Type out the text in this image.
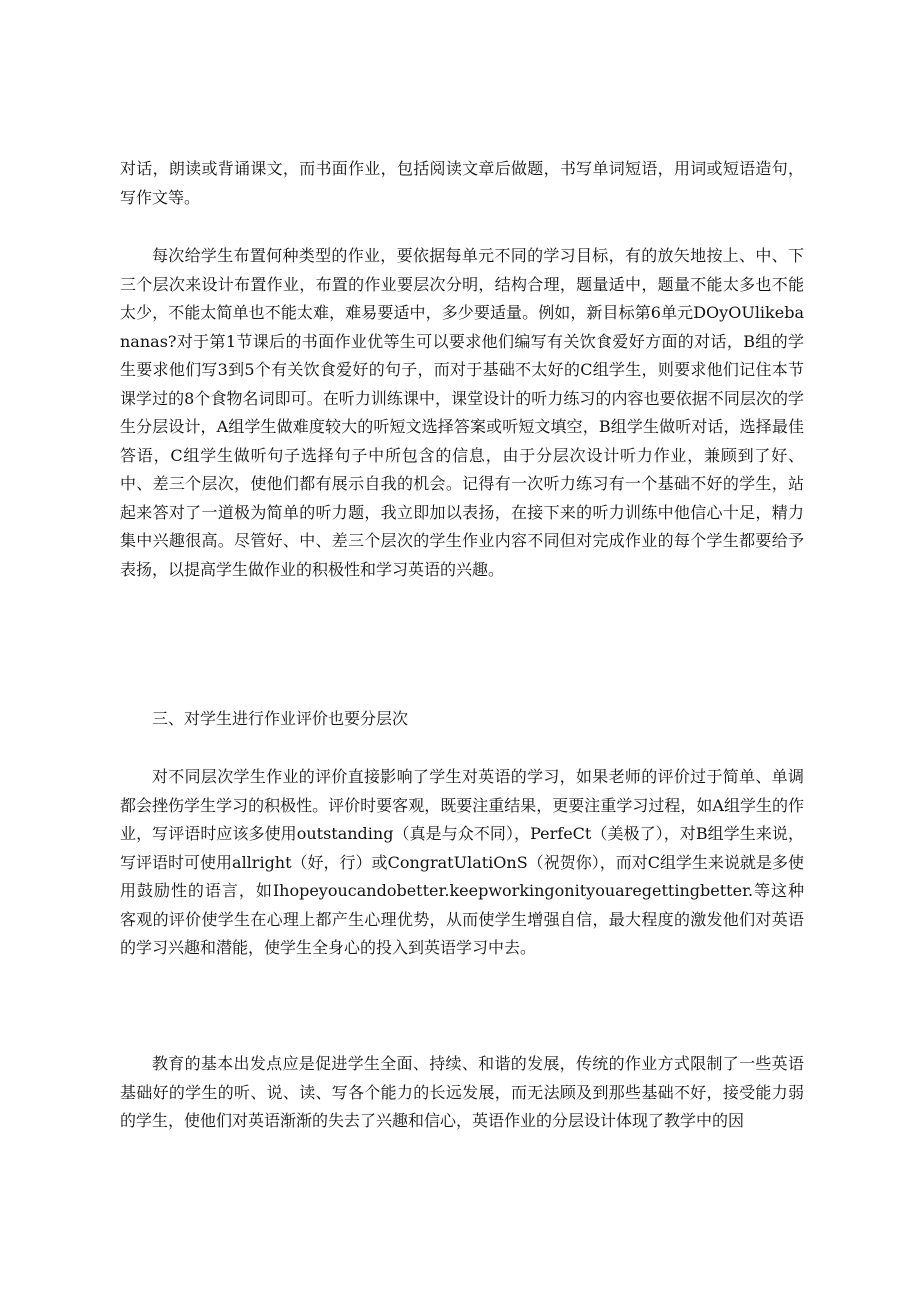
对话，朗读或背诵课文，而书面作业，包括阅读文章后做题，书写单词短语，用词或短语造句，写作文等。

每次给学生布置何种类型的作业，要依据每单元不同的学习目标，有的放矢地按上、中、下三个层次来设计布置作业，布置的作业要层次分明，结构合理，题量适中，题量不能太多也不能太少，不能太简单也不能太难，难易要适中，多少要适量。例如，新目标第6单元DOyOUlikebananas?对于第1节课后的书面作业优等生可以要求他们编写有关饮食爱好方面的对话，B组的学生要求他们写3到5个有关饮食爱好的句子，而对于基础不太好的C组学生，则要求他们记住本节课学过的8个食物名词即可。在听力训练课中，课堂设计的听力练习的内容也要依据不同层次的学生分层设计，A组学生做难度较大的听短文选择答案或听短文填空，B组学生做听对话，选择最佳答语，C组学生做听句子选择句子中所包含的信息，由于分层次设计听力作业，兼顾到了好、中、差三个层次，使他们都有展示自我的机会。记得有一次听力练习有一个基础不好的学生，站起来答对了一道极为简单的听力题，我立即加以表扬，在接下来的听力训练中他信心十足，精力集中兴趣很高。尽管好、中、差三个层次的学生作业内容不同但对完成作业的每个学生都要给予表扬，以提高学生做作业的积极性和学习英语的兴趣。

三、对学生进行作业评价也要分层次

对不同层次学生作业的评价直接影响了学生对英语的学习，如果老师的评价过于简单、单调都会挫伤学生学习的积极性。评价时要客观，既要注重结果，更要注重学习过程，如A组学生的作业，写评语时应该多使用outstanding（真是与众不同），PerfeCt（美极了），对B组学生来说，写评语时可使用allright（好，行）或CongratUlatiOnS（祝贺你），而对C组学生来说就是多使用鼓励性的语言，如Ihopeyoucandobetter.keepworkingonityouaregettingbetter.等这种客观的评价使学生在心理上都产生心理优势，从而使学生增强自信，最大程度的激发他们对英语的学习兴趣和潜能，使学生全身心的投入到英语学习中去。

教育的基本出发点应是促进学生全面、持续、和谐的发展，传统的作业方式限制了一些英语基础好的学生的听、说、读、写各个能力的长远发展，而无法顾及到那些基础不好，接受能力弱的学生，使他们对英语渐渐的失去了兴趣和信心，英语作业的分层设计体现了教学中的因
